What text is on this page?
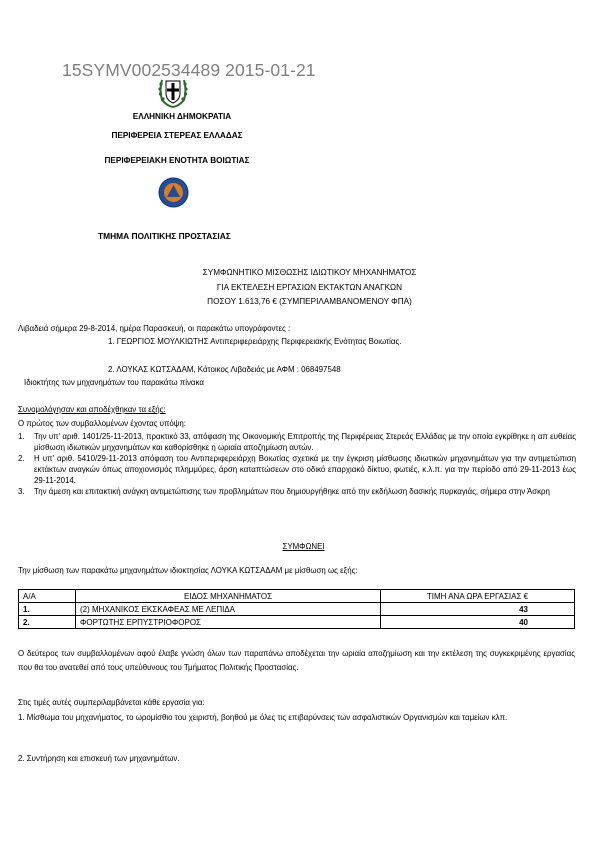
15SYMV002534489 2015-01-21
ΕΛΛΗΝΙΚΗ ΔΗΜΟΚΡΑΤΙΑ
ΠΕΡΙΦΕΡΕΙΑ ΣΤΕΡΕΑΣ ΕΛΛΑΔΑΣ
ΠΕΡΙΦΕΡΕΙΑΚΗ ΕΝΟΤΗΤΑ ΒΟΙΩΤΙΑΣ
ΤΜΗΜΑ ΠΟΛΙΤΙΚΗΣ ΠΡΟΣΤΑΣΙΑΣ
ΣΥΜΦΩΝΗΤΙΚΟ ΜΙΣΘΩΣΗΣ ΙΔΙΩΤΙΚΟΥ ΜΗΧΑΝΗΜΑΤΟΣ
ΓΙΑ ΕΚΤΕΛΕΣΗ ΕΡΓΑΣΙΩΝ ΕΚΤΑΚΤΩΝ ΑΝΑΓΚΩΝ
ΠΟΣΟΥ 1.613,76 € (ΣΥΜΠΕΡΙΛΑΜΒΑΝΟΜΕΝΟΥ ΦΠΑ)
Λιβαδειά σήμερα 29-8-2014, ημέρα Παρασκευή, οι παρακάτω υπογράφοντες :
1. ΓΕΩΡΓΙΟΣ ΜΟΥΛΚΙΩΤΗΣ Αντιπεριφερειάρχης Περιφερειακής Ενότητας Βοιωτίας.
2. ΛΟΥΚΑΣ ΚΩΤΣΑΔΑΜ, Κάτοικος Λιβαδειάς με ΑΦΜ : 068497548
Ιδιοκτήτης των μηχανημάτων του παρακάτω πίνακα
Συνομολόγησαν και αποδέχθηκαν τα εξής:
Ο πρώτος των συμβαλλομένων έχοντας υπόψη:
1.	Την υπ' αριθ. 1401/25-11-2013, πρακτικό 33, απόφαση της Οικονομικής Επιτροπής της Περιφέρειας Στερεάς Ελλάδας με την οποία εγκρίθηκε η απ ευθείας μίσθωση ιδιωτικών μηχανημάτων και καθορίσθηκε η ωριαία αποζημίωση αυτών.
2.	Η υπ' αριθ. 5410/29-11-2013 απόφαση του Αντιπεριφερειάρχη Βοιωτίας σχετικά με την έγκριση μίσθωσης ιδιωτικών μηχανημάτων για την αντιμετώπιση εκτάκτων αναγκών όπως αποχιονισμός πλημμύρες, άρση καταπτώσεων στο οδικό επαρχιακό δίκτυο, φωτιές, κ.λ.π. για την περίοδο από 29-11-2013 έως 29-11-2014.
3.	Την άμεση και επιτακτική ανάγκη αντιμετώπισης των προβλημάτων που δημιουργήθηκε από την εκδήλωση δασικής πυρκαγιάς, σήμερα στην Άσκρη
ΣΥΜΦΩΝΕΙ
Την μίσθωση των παρακάτω μηχανημάτων ιδιοκτησίας ΛΟΥΚΑ ΚΩΤΣΑΔΑΜ με μίσθωση ως εξής:
Α/Α	ΕΙΔΟΣ ΜΗΧΑΝΗΜΑΤΟΣ	ΤΙΜΗ ΑΝΑ ΩΡΑ ΕΡΓΑΣΙΑΣ €
1.	(2) ΜΗΧΑΝΙΚΟΣ ΕΚΣΚΑΦΕΑΣ ΜΕ ΛΕΠΙΔΑ	43
2.	ΦΟΡΤΩΤΗΣ ΕΡΠΥΣΤΡΙΟΦΟΡΟΣ	40
Ο δεύτερος των συμβαλλομένων αφού έλαβε γνώση όλων των παραπάνω αποδέχεται την ωριαία αποζημίωση και την εκτέλεση της συγκεκριμένης εργασίας που θα του ανατεθεί από τους υπεύθυνους του Τμήματος Πολιτικής Προστασίας.
Στις τιμές αυτές συμπεριλαμβάνεται κάθε εργασία για:
1. Μίσθωμα του μηχανήματος, το ωρομίσθιο του χειριστή, βοηθού με όλες τις επιβαρύνσεις των ασφαλιστικών Οργανισμών και ταμείων κλπ.
2. Συντήρηση και επισκευή των μηχανημάτων.
